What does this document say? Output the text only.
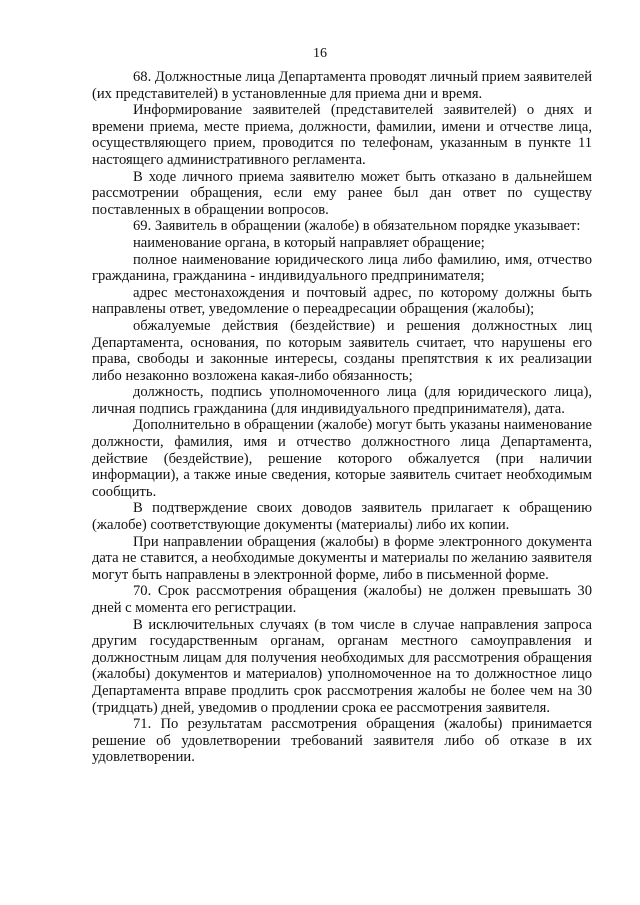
16

68. Должностные лица Департамента проводят личный прием заявителей (их представителей) в установленные для приема дни и время.

Информирование заявителей (представителей заявителей) о днях и времени приема, месте приема, должности, фамилии, имени и отчестве лица, осуществляющего прием, проводится по телефонам, указанным в пункте 11 настоящего административного регламента.

В ходе личного приема заявителю может быть отказано в дальнейшем рассмотрении обращения, если ему ранее был дан ответ по существу поставленных в обращении вопросов.

69. Заявитель в обращении (жалобе) в обязательном порядке указывает:

наименование органа, в который направляет обращение;

полное наименование юридического лица либо фамилию, имя, отчество гражданина, гражданина - индивидуального предпринимателя;

адрес местонахождения и почтовый адрес, по которому должны быть направлены ответ, уведомление о переадресации обращения (жалобы);

обжалуемые действия (бездействие) и решения должностных лиц Департамента, основания, по которым заявитель считает, что нарушены его права, свободы и законные интересы, созданы препятствия к их реализации либо незаконно возложена какая-либо обязанность;

должность, подпись уполномоченного лица (для юридического лица), личная подпись гражданина (для индивидуального предпринимателя), дата.

Дополнительно в обращении (жалобе) могут быть указаны наименование должности, фамилия, имя и отчество должностного лица Департамента, действие (бездействие), решение которого обжалуется (при наличии информации), а также иные сведения, которые заявитель считает необходимым сообщить.

В подтверждение своих доводов заявитель прилагает к обращению (жалобе) соответствующие документы (материалы) либо их копии.

При направлении обращения (жалобы) в форме электронного документа дата не ставится, а необходимые документы и материалы по желанию заявителя могут быть направлены в электронной форме, либо в письменной форме.

70. Срок рассмотрения обращения (жалобы) не должен превышать 30 дней с момента его регистрации.

В исключительных случаях (в том числе в случае направления запроса другим государственным органам, органам местного самоуправления и должностным лицам для получения необходимых для рассмотрения обращения (жалобы) документов и материалов) уполномоченное на то должностное лицо Департамента вправе продлить срок рассмотрения жалобы не более чем на 30 (тридцать) дней, уведомив о продлении срока ее рассмотрения заявителя.

71. По результатам рассмотрения обращения (жалобы) принимается решение об удовлетворении требований заявителя либо об отказе в их удовлетворении.
